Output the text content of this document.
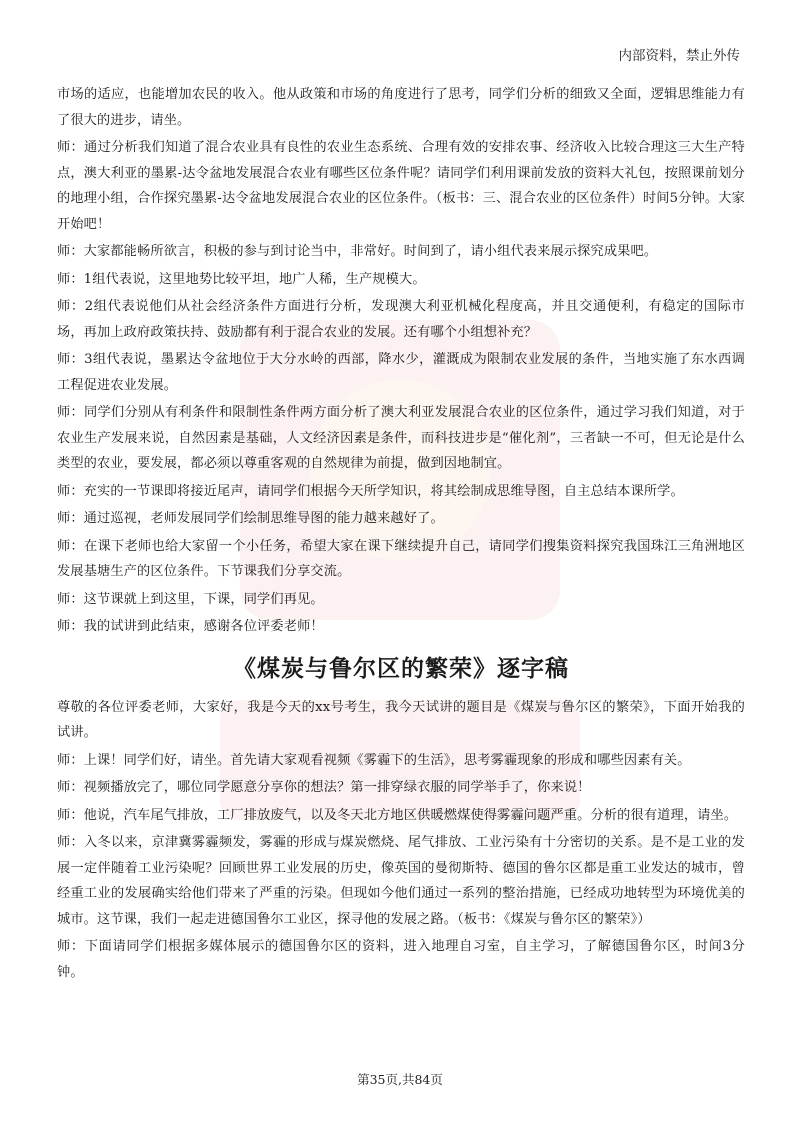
内部资料，禁止外传

市场的适应，也能增加农民的收入。他从政策和市场的角度进行了思考，同学们分析的细致又全面，逻辑思维能力有了很大的进步，请坐。

师：通过分析我们知道了混合农业具有良性的农业生态系统、合理有效的安排农事、经济收入比较合理这三大生产特点，澳大利亚的墨累-达令盆地发展混合农业有哪些区位条件呢？请同学们利用课前发放的资料大礼包，按照课前划分的地理小组，合作探究墨累-达令盆地发展混合农业的区位条件。（板书：三、混合农业的区位条件）时间5分钟。大家开始吧！

师：大家都能畅所欲言，积极的参与到讨论当中，非常好。时间到了，请小组代表来展示探究成果吧。

师：1组代表说，这里地势比较平坦，地广人稀，生产规模大。

师：2组代表说他们从社会经济条件方面进行分析，发现澳大利亚机械化程度高，并且交通便利，有稳定的国际市场，再加上政府政策扶持、鼓励都有利于混合农业的发展。还有哪个小组想补充？

师：3组代表说，墨累达令盆地位于大分水岭的西部，降水少，灌溉成为限制农业发展的条件，当地实施了东水西调工程促进农业发展。

师：同学们分别从有利条件和限制性条件两方面分析了澳大利亚发展混合农业的区位条件，通过学习我们知道，对于农业生产发展来说，自然因素是基础，人文经济因素是条件，而科技进步是“催化剂”，三者缺一不可，但无论是什么类型的农业，要发展，都必须以尊重客观的自然规律为前提，做到因地制宜。

师：充实的一节课即将接近尾声，请同学们根据今天所学知识，将其绘制成思维导图，自主总结本课所学。

师：通过巡视，老师发展同学们绘制思维导图的能力越来越好了。

师：在课下老师也给大家留一个小任务，希望大家在课下继续提升自己，请同学们搜集资料探究我国珠江三角洲地区发展基塘生产的区位条件。下节课我们分享交流。

师：这节课就上到这里，下课，同学们再见。

师：我的试讲到此结束，感谢各位评委老师！

《煤炭与鲁尔区的繁荣》逐字稿

尊敬的各位评委老师，大家好，我是今天的xx号考生，我今天试讲的题目是《煤炭与鲁尔区的繁荣》，下面开始我的试讲。

师：上课！同学们好，请坐。首先请大家观看视频《雾霾下的生活》，思考雾霾现象的形成和哪些因素有关。

师：视频播放完了，哪位同学愿意分享你的想法？第一排穿绿衣服的同学举手了，你来说！

师：他说，汽车尾气排放，工厂排放废气，以及冬天北方地区供暖燃煤使得雾霾问题严重。分析的很有道理，请坐。

师：入冬以来，京津冀雾霾频发，雾霾的形成与煤炭燃烧、尾气排放、工业污染有十分密切的关系。是不是工业的发展一定伴随着工业污染呢？回顾世界工业发展的历史，像英国的曼彻斯特、德国的鲁尔区都是重工业发达的城市，曾经重工业的发展确实给他们带来了严重的污染。但现如今他们通过一系列的整治措施，已经成功地转型为环境优美的城市。这节课，我们一起走进德国鲁尔工业区，探寻他的发展之路。（板书：《煤炭与鲁尔区的繁荣》）

师：下面请同学们根据多媒体展示的德国鲁尔区的资料，进入地理自习室，自主学习，了解德国鲁尔区，时间3分钟。

第35页,共84页
